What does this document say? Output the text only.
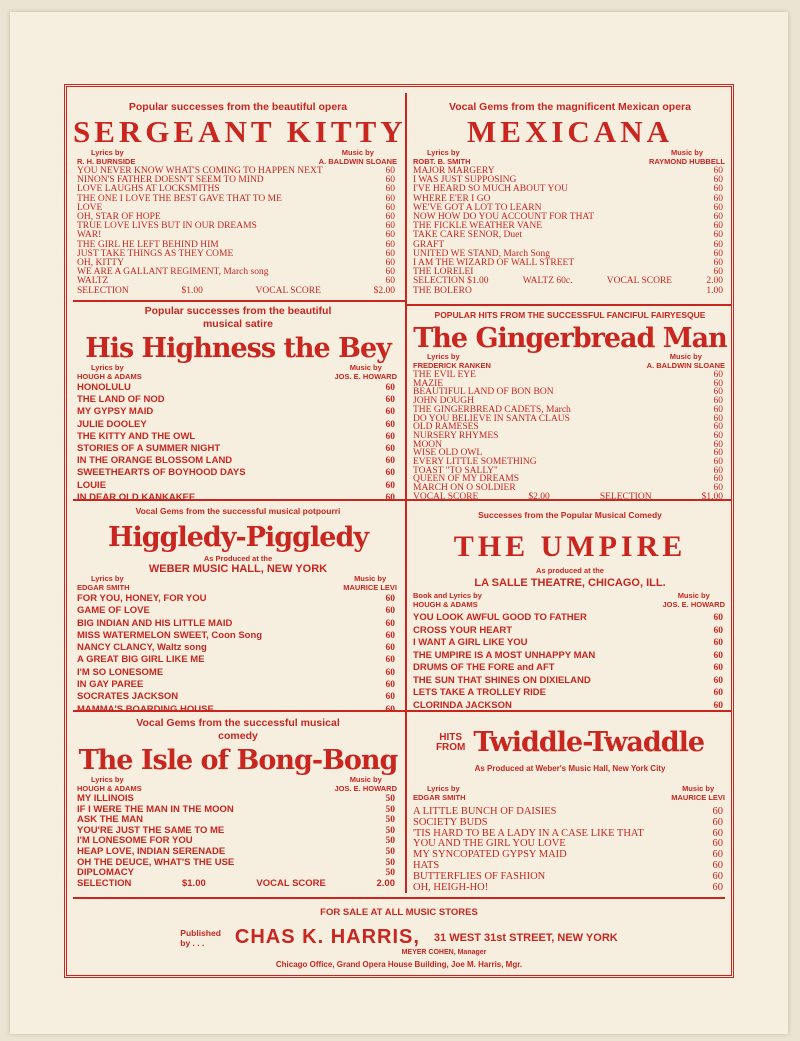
Popular successes from the beautiful opera
SERGEANT KITTY
Lyrics by
R. H. BURNSIDE
Music by
A. BALDWIN SLOANE
YOU NEVER KNOW WHAT'S COMING TO HAPPEN NEXT	60
NINON'S FATHER DOESN'T SEEM TO MIND	60
LOVE LAUGHS AT LOCKSMITHS	60
THE ONE I LOVE THE BEST GAVE THAT TO ME	60
LOVE	60
OH, STAR OF HOPE	60
TRUE LOVE LIVES BUT IN OUR DREAMS	60
WAR!	60
THE GIRL HE LEFT BEHIND HIM	60
JUST TAKE THINGS AS THEY COME	60
OH, KITTY	60
WE ARE A GALLANT REGIMENT, March song	60
WALTZ	60
SELECTION	$1.00	VOCAL SCORE	$2.00
Vocal Gems from the magnificent Mexican opera
MEXICANA
Lyrics by
ROBT. B. SMITH
Music by
RAYMOND HUBBELL
MAJOR MARGERY	60
I WAS JUST SUPPOSING	60
I'VE HEARD SO MUCH ABOUT YOU	60
WHERE E'ER I GO	60
WE'VE GOT A LOT TO LEARN	60
NOW HOW DO YOU ACCOUNT FOR THAT	60
THE FICKLE WEATHER VANE	60
TAKE CARE SENOR, Duet	60
GRAFT	60
UNITED WE STAND, March Song	60
I AM THE WIZARD OF WALL STREET	60
THE LORELEI	60
SELECTION $1.00	WALTZ 60c.	VOCAL SCORE	2.00
THE BOLERO	1.00
Popular successes from the beautiful musical satire
His Highness the Bey
Lyrics by
HOUGH & ADAMS
Music by
JOS. E. HOWARD
HONOLULU	60
THE LAND OF NOD	60
MY GYPSY MAID	60
JULIE DOOLEY	60
THE KITTY AND THE OWL	60
STORIES OF A SUMMER NIGHT	60
IN THE ORANGE BLOSSOM LAND	60
SWEETHEARTS OF BOYHOOD DAYS	60
LOUIE	60
IN DEAR OLD KANKAKEE	60
POPULAR HITS FROM THE SUCCESSFUL FANCIFUL FAIRYESQUE
The Gingerbread Man
Lyrics by
FREDERICK RANKEN
Music by
A. BALDWIN SLOANE
THE EVIL EYE	60
MAZIE	60
BEAUTIFUL LAND OF BON BON	60
JOHN DOUGH	60
THE GINGERBREAD CADETS, March	60
DO YOU BELIEVE IN SANTA CLAUS	60
OLD RAMESES	60
NURSERY RHYMES	60
MOON	60
WISE OLD OWL	60
EVERY LITTLE SOMETHING	60
TOAST "TO SALLY"	60
QUEEN OF MY DREAMS	60
MARCH ON O SOLDIER	60
VOCAL SCORE	$2.00	SELECTION	$1.00
Vocal Gems from the successful musical potpourri
Higgledy-Piggledy
As Produced at the
WEBER MUSIC HALL, NEW YORK
Lyrics by
EDGAR SMITH
Music by
MAURICE LEVI
FOR YOU, HONEY, FOR YOU	60
GAME OF LOVE	60
BIG INDIAN AND HIS LITTLE MAID	60
MISS WATERMELON SWEET, Coon Song	60
NANCY CLANCY, Waltz song	60
A GREAT BIG GIRL LIKE ME	60
I'M SO LONESOME	60
IN GAY PAREE	60
SOCRATES JACKSON	60
MAMMA'S BOARDING HOUSE	60
Successes from the Popular Musical Comedy
THE UMPIRE
As produced at the
LA SALLE THEATRE, CHICAGO, ILL.
Book and Lyrics by
HOUGH & ADAMS
Music by
JOS. E. HOWARD
YOU LOOK AWFUL GOOD TO FATHER	60
CROSS YOUR HEART	60
I WANT A GIRL LIKE YOU	60
THE UMPIRE IS A MOST UNHAPPY MAN	60
DRUMS OF THE FORE and AFT	60
THE SUN THAT SHINES ON DIXIELAND	60
LETS TAKE A TROLLEY RIDE	60
CLORINDA JACKSON	60
Vocal Gems from the successful musical comedy
The Isle of Bong-Bong
Lyrics by
HOUGH & ADAMS
Music by
JOS. E. HOWARD
MY ILLINOIS	50
IF I WERE THE MAN IN THE MOON	50
ASK THE MAN	50
YOU'RE JUST THE SAME TO ME	50
I'M LONESOME FOR YOU	50
HEAP LOVE, INDIAN SERENADE	50
OH THE DEUCE, WHAT'S THE USE	50
DIPLOMACY	50
SELECTION	$1.00	VOCAL SCORE	2.00
HITS
FROM Twiddle-Twaddle
As Produced at Weber's Music Hall, New York City
Lyrics by
EDGAR SMITH
Music by
MAURICE LEVI
A LITTLE BUNCH OF DAISIES	60
SOCIETY BUDS	60
'TIS HARD TO BE A LADY IN A CASE LIKE THAT	60
YOU AND THE GIRL YOU LOVE	60
MY SYNCOPATED GYPSY MAID	60
HATS	60
BUTTERFLIES OF FASHION	60
OH, HEIGH-HO!	60
FOR SALE AT ALL MUSIC STORES
Published
by . . .	CHAS K. HARRIS, 31 WEST 31st STREET, NEW YORK
MEYER COHEN, Manager
Chicago Office, Grand Opera House Building, Joe M. Harris, Mgr.
